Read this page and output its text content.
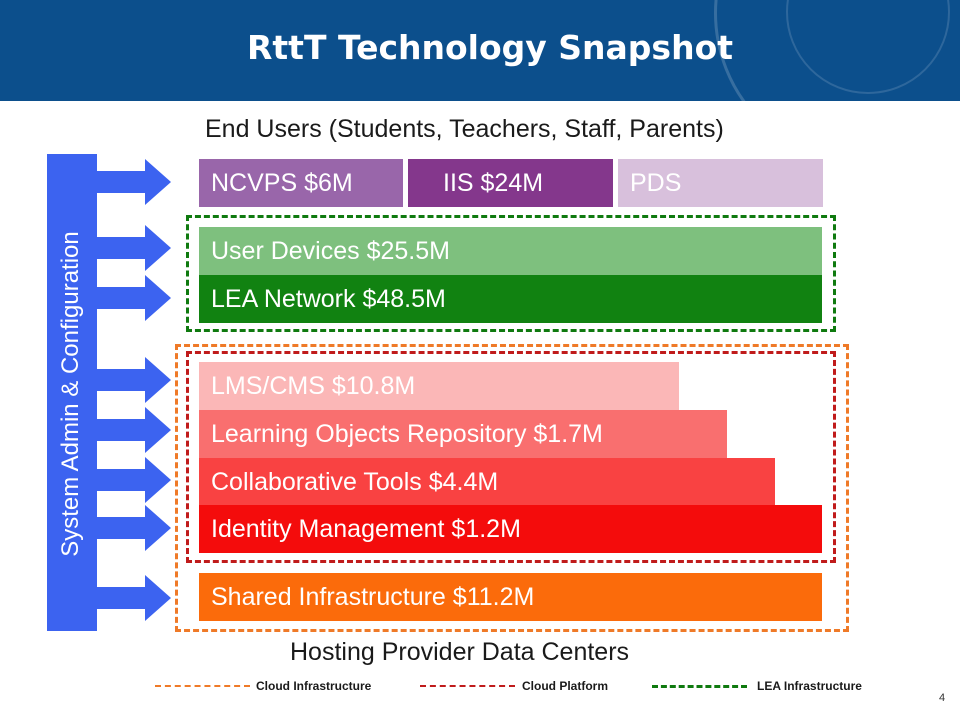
RttT Technology Snapshot
End Users (Students, Teachers, Staff, Parents)
System Admin & Configuration
NCVPS $6M	IIS $24M	PDS
User Devices $25.5M
LEA Network $48.5M
LMS/CMS $10.8M
Learning Objects Repository $1.7M
Collaborative Tools $4.4M
Identity Management $1.2M
Shared Infrastructure $11.2M
Hosting Provider Data Centers
Cloud Infrastructure	Cloud Platform	LEA Infrastructure
4
